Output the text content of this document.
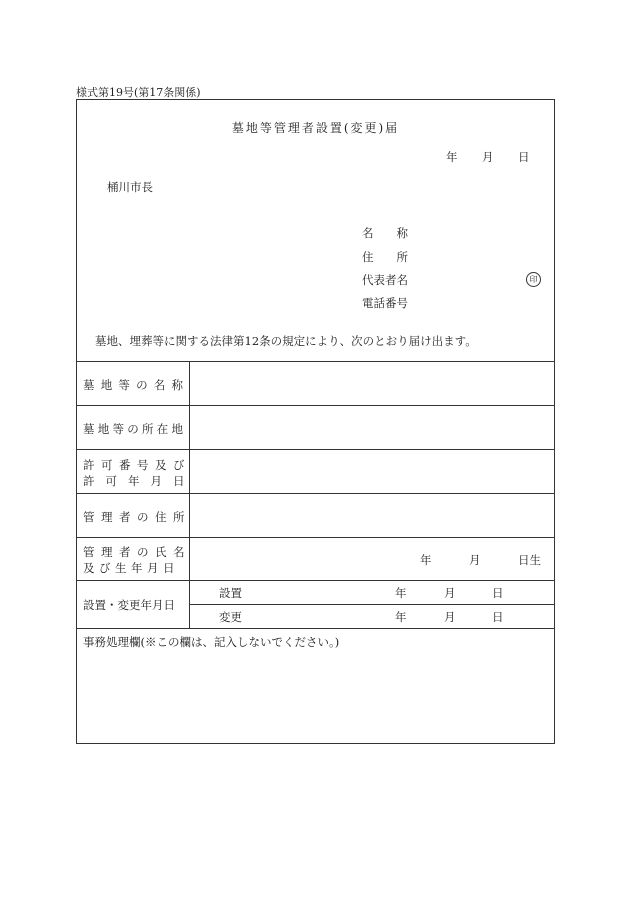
様式第19号(第17条関係)
墓地等管理者設置(変更)届
年 月 日
桶川市長
名 称
住 所
代表者名	印
電話番号
墓地、埋葬等に関する法律第12条の規定により、次のとおり届け出ます。
墓 地 等 の 名 称
墓 地 等 の 所 在 地
許可番号及び
許可年月日
管理者の住所
管理者の氏名
及び生年月日
年	月	日生
設置・変更年月日
設置	年	月	日
変更	年	月	日
事務処理欄(※この欄は、記入しないでください。)
